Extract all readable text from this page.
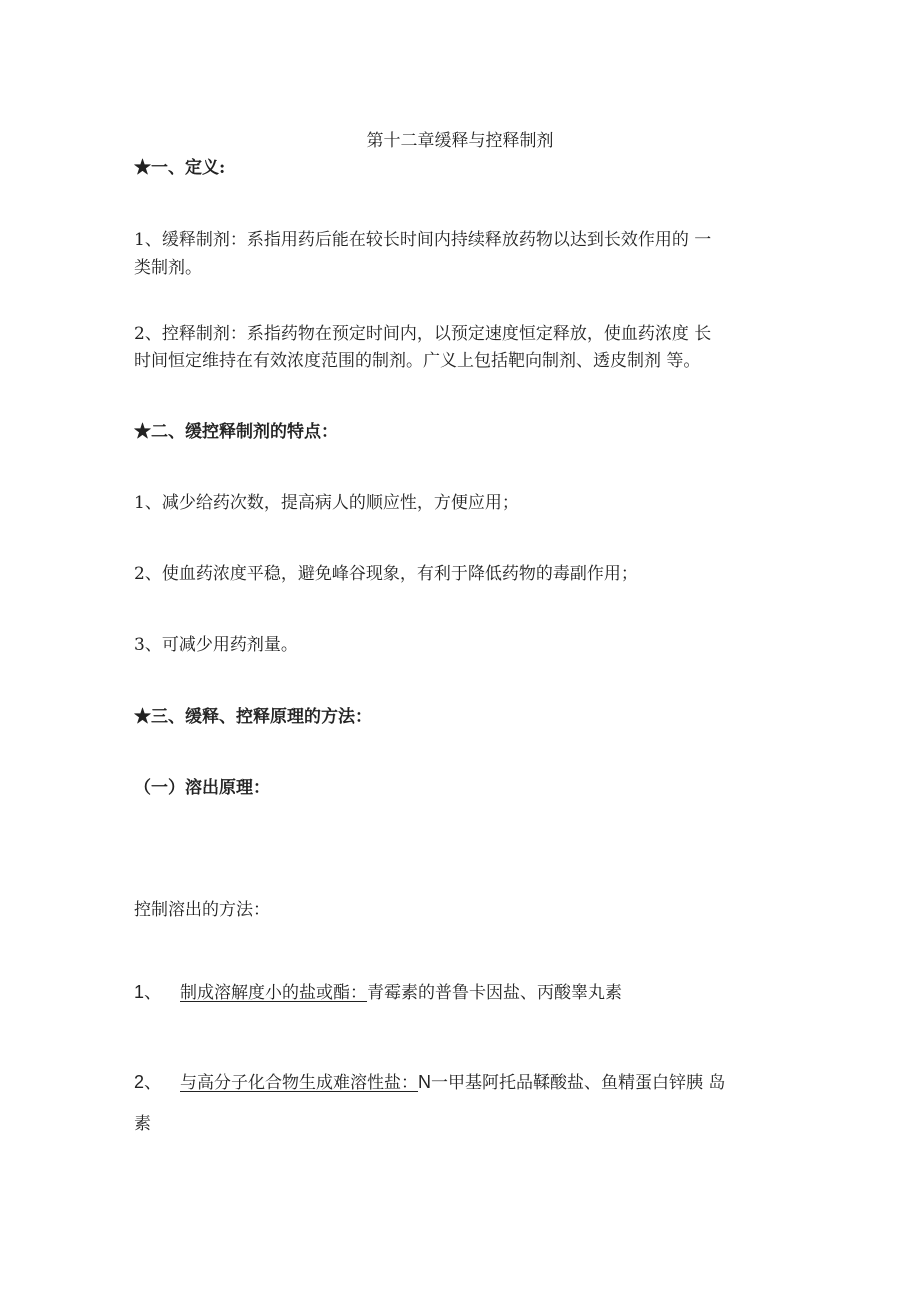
第十二章缓释与控释制剂
★一、定义:
1、缓释制剂：系指用药后能在较长时间内持续释放药物以达到长效作用的 一
类制剂。
2、控释制剂：系指药物在预定时间内，以预定速度恒定释放，使血药浓度 长
时间恒定维持在有效浓度范围的制剂。广义上包括靶向制剂、透皮制剂 等。
★二、缓控释制剂的特点：
1、减少给药次数，提高病人的顺应性，方便应用；
2、使血药浓度平稳，避免峰谷现象，有利于降低药物的毒副作用；
3、可减少用药剂量。
★三、缓释、控释原理的方法：
（一）溶出原理：
控制溶出的方法：
1、 制成溶解度小的盐或酯：青霉素的普鲁卡因盐、丙酸睾丸素
2、 与高分子化合物生成难溶性盐：N一甲基阿托品鞣酸盐、鱼精蛋白锌胰 岛
素
